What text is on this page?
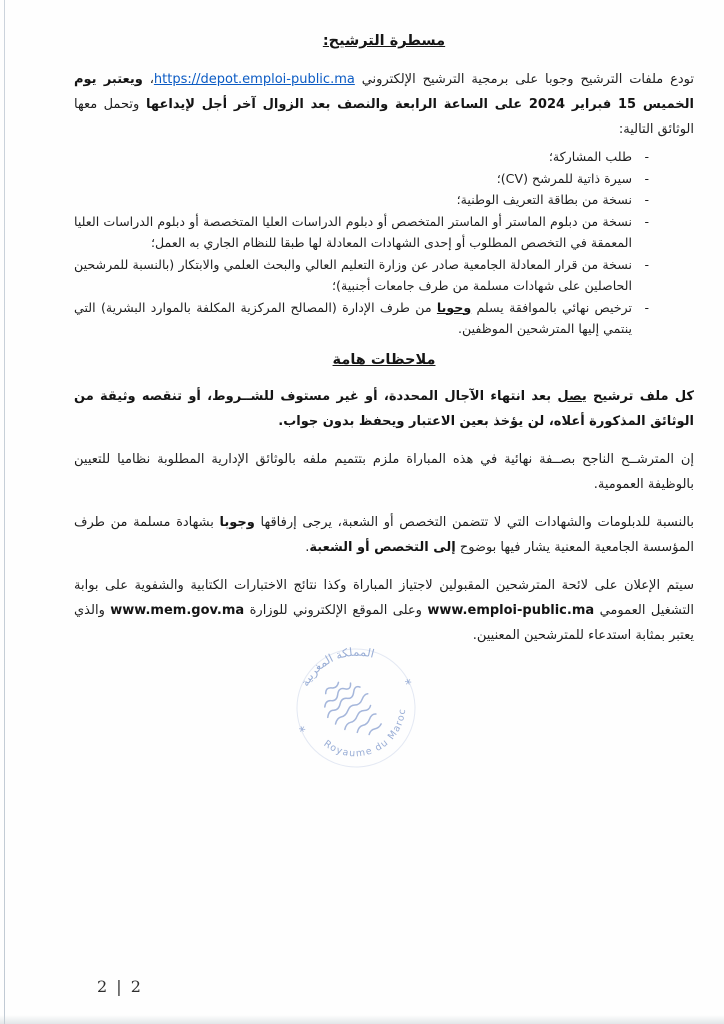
مسطرة الترشيح:

تودع ملفات الترشيح وجوبا على برمجية الترشيح الإلكتروني https://depot.emploi-public.ma، ويعتبر يوم الخميس 15 فبراير 2024 على الساعة الرابعة والنصف بعد الزوال آخر أجل لإيداعها وتحمل معها الوثائق التالية:

-
طلب المشاركة؛
-
سيرة ذاتية للمرشح (CV)؛
-
نسخة من بطاقة التعريف الوطنية؛
-
نسخة من دبلوم الماستر أو الماستر المتخصص أو دبلوم الدراسات العليا المتخصصة أو دبلوم الدراسات العليا المعمقة في التخصص المطلوب أو إحدى الشهادات المعادلة لها طبقا للنظام الجاري به العمل؛
-
نسخة من قرار المعادلة الجامعية صادر عن وزارة التعليم العالي والبحث العلمي والابتكار (بالنسبة للمرشحين الحاصلين على شهادات مسلمة من طرف جامعات أجنبية)؛
-
ترخيص نهائي بالموافقة يسلم وجوبا من طرف الإدارة (المصالح المركزية المكلفة بالموارد البشرية) التي ينتمي إليها المترشحين الموظفين.
ملاحظات هامة

كل ملف ترشيح يصل بعد انتهاء الآجال المحددة، أو غير مستوف للشــروط، أو تنقصه وثيقة من الوثائق المذكورة أعلاه، لن يؤخذ بعين الاعتبار ويحفظ بدون جواب.

إن المترشــح الناجح بصــفة نهائية في هذه المباراة ملزم بتتميم ملفه بالوثائق الإدارية المطلوبة نظاميا للتعيين بالوظيفة العمومية.

بالنسبة للدبلومات والشهادات التي لا تتضمن التخصص أو الشعبة، يرجى إرفاقها وجوبا بشهادة مسلمة من طرف المؤسسة الجامعية المعنية يشار فيها بوضوح إلى التخصص أو الشعبة.

سيتم الإعلان على لائحة المترشحين المقبولين لاجتياز المباراة وكذا نتائج الاختبارات الكتابية والشفوية على بوابة التشغيل العمومي www.emploi-public.ma وعلى الموقع الإلكتروني للوزارة www.mem.gov.ma والذي يعتبر بمثابة استدعاء للمترشحين المعنيين.

المملكة المغربية
Royaume du Maroc
*
*
2 | 2
